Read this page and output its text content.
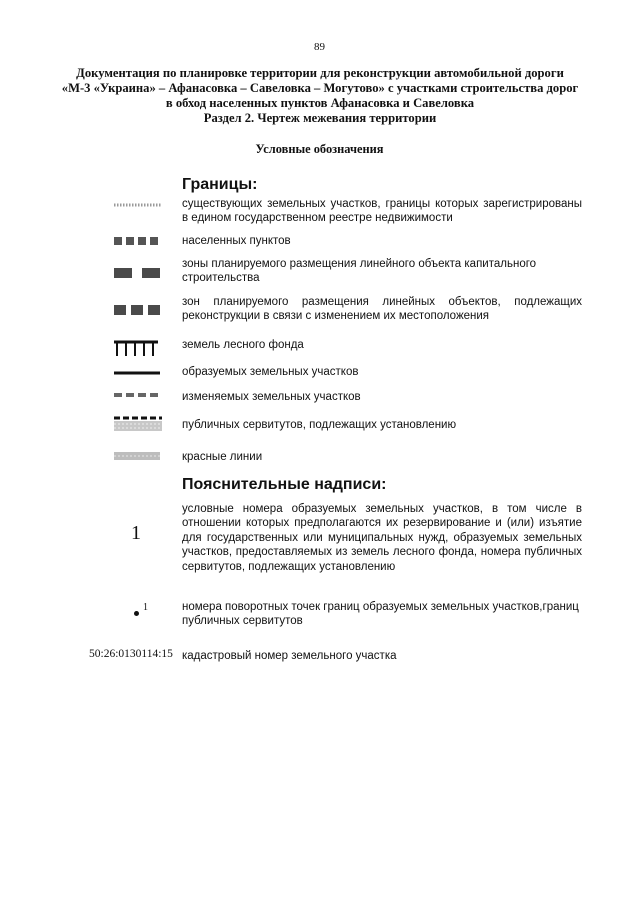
89
Документация по планировке территории для реконструкции автомобильной дороги
«М-3 «Украина» – Афанасовка – Савеловка – Могутово» с участками строительства дорог
в обход населенных пунктов Афанасовка и Савеловка
Раздел 2. Чертеж межевания территории
Условные обозначения
Границы:
существующих земельных участков, границы которых зарегистрированы в едином государственном реестре недвижимости
населенных пунктов
зоны планируемого размещения линейного объекта капитального строительства
зон планируемого размещения линейных объектов, подлежащих реконструкции в связи с изменением их местоположения
земель лесного фонда
образуемых земельных участков
изменяемых земельных участков
публичных сервитутов, подлежащих установлению
красные линии
Пояснительные надписи:
1
условные номера образуемых земельных участков, в том числе в отношении которых предполагаются их резервирование и (или) изъятие для государственных или муниципальных нужд, образуемых земельных участков, предоставляемых из земель лесного фонда, номера публичных сервитутов, подлежащих установлению
1	номера поворотных точек границ образуемых земельных участков,границ публичных сервитутов
50:26:0130114:15 кадастровый номер земельного участка
